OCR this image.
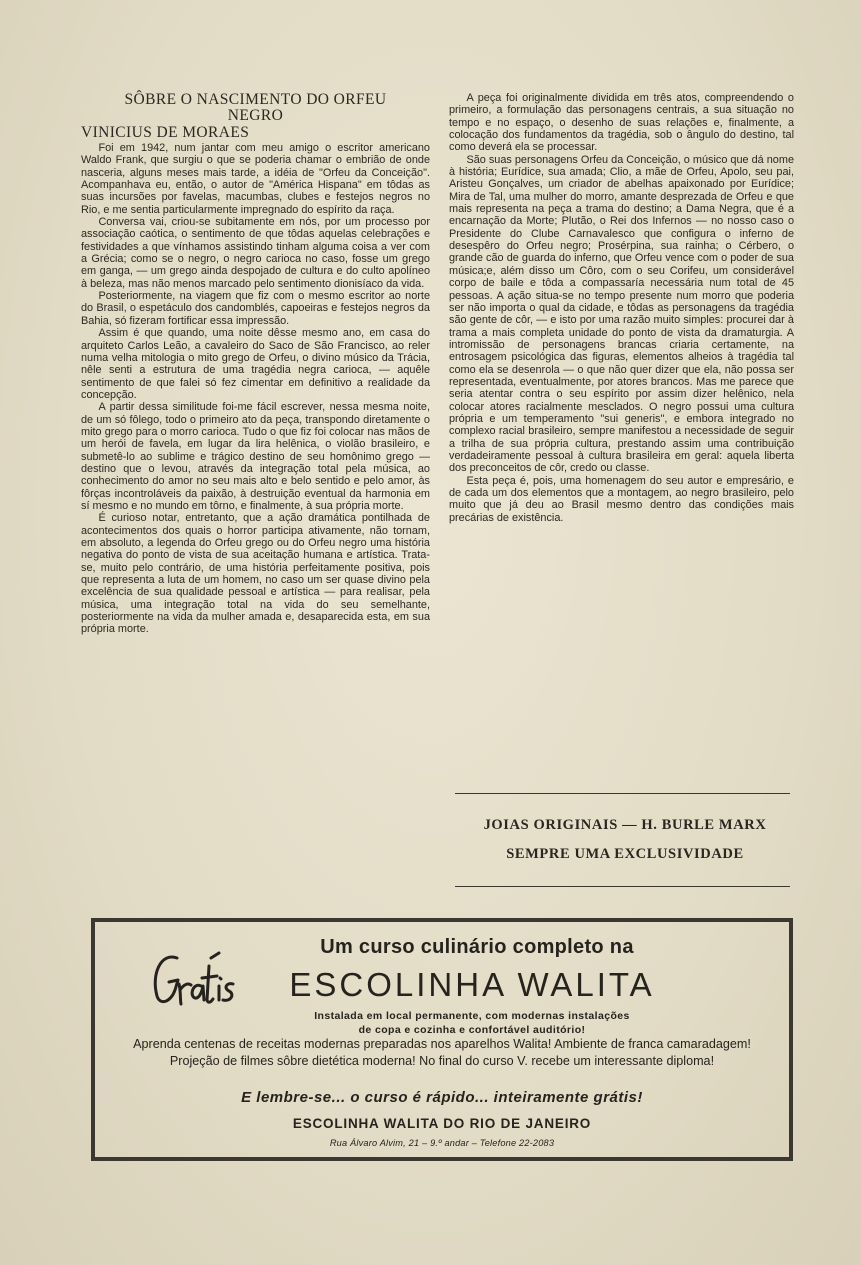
SÔBRE O NASCIMENTO DO ORFEU NEGRO
VINICIUS DE MORAES

Foi em 1942, num jantar com meu amigo o escritor americano Waldo Frank, que surgiu o que se poderia chamar o embrião de onde nasceria, alguns meses mais tarde, a idéia de "Orfeu da Conceição". Acompanhava eu, então, o autor de "América Hispana" em tôdas as suas incursões por favelas, macumbas, clubes e festejos negros no Rio, e me sentia particularmente impregnado do espírito da raça.

Conversa vai, criou-se subitamente em nós, por um processo por associação caótica, o sentimento de que tôdas aquelas celebrações e festividades a que vínhamos assistindo tinham alguma coisa a ver com a Grécia; como se o negro, o negro carioca no caso, fosse um grego em ganga, — um grego ainda despojado de cultura e do culto apolíneo à beleza, mas não menos marcado pelo sentimento dionisíaco da vida.

Posteriormente, na viagem que fiz com o mesmo escritor ao norte do Brasil, o espetáculo dos candomblés, capoeiras e festejos negros da Bahia, só fizeram fortificar essa impressão.

Assim é que quando, uma noite dêsse mesmo ano, em casa do arquiteto Carlos Leão, a cavaleiro do Saco de São Francisco, ao reler numa velha mitologia o mito grego de Orfeu, o divino músico da Trácia, nêle senti a estrutura de uma tragédia negra carioca, — aquêle sentimento de que falei só fez cimentar em definitivo a realidade da concepção.

A partir dessa similitude foi-me fácil escrever, nessa mesma noite, de um só fôlego, todo o primeiro ato da peça, transpondo diretamente o mito grego para o morro carioca. Tudo o que fiz foi colocar nas mãos de um herói de favela, em lugar da lira helênica, o violão brasileiro, e submetê-lo ao sublime e trágico destino de seu homônimo grego — destino que o levou, através da integração total pela música, ao conhecimento do amor no seu mais alto e belo sentido e pelo amor, às fôrças incontroláveis da paixão, à destruição eventual da harmonia em sí mesmo e no mundo em tôrno, e finalmente, à sua própria morte.

É curioso notar, entretanto, que a ação dramática pontilhada de acontecimentos dos quais o horror participa ativamente, não tornam, em absoluto, a legenda do Orfeu grego ou do Orfeu negro uma história negativa do ponto de vista de sua aceitação humana e artística. Trata-se, muito pelo contrário, de uma história perfeitamente positiva, pois que representa a luta de um homem, no caso um ser quase divino pela excelência de sua qualidade pessoal e artística — para realisar, pela música, uma integração total na vida do seu semelhante, posteriormente na vida da mulher amada e, desaparecida esta, em sua própria morte.

A peça foi originalmente dividida em três atos, compreendendo o primeiro, a formulação das personagens centrais, a sua situação no tempo e no espaço, o desenho de suas relações e, finalmente, a colocação dos fundamentos da tragédia, sob o ângulo do destino, tal como deverá ela se processar.

São suas personagens Orfeu da Conceição, o músico que dá nome à história; Eurídice, sua amada; Clio, a mãe de Orfeu, Apolo, seu pai, Aristeu Gonçalves, um criador de abelhas apaixonado por Eurídice; Mira de Tal, uma mulher do morro, amante desprezada de Orfeu e que mais representa na peça a trama do destino; a Dama Negra, que é a encarnação da Morte; Plutão, o Rei dos Infernos — no nosso caso o Presidente do Clube Carnavalesco que configura o inferno de desespêro do Orfeu negro; Prosérpina, sua rainha; o Cérbero, o grande cão de guarda do inferno, que Orfeu vence com o poder de sua música;e, além disso um Côro, com o seu Corifeu, um considerável corpo de baile e tôda a compassaría necessária num total de 45 pessoas. A ação situa-se no tempo presente num morro que poderia ser não importa o qual da cidade, e tôdas as personagens da tragédia são gente de côr, — e isto por uma razão muito simples: procurei dar à trama a mais completa unidade do ponto de vista da dramaturgia. A intromissão de personagens brancas criaria certamente, na entrosagem psicológica das figuras, elementos alheios à tragédia tal como ela se desenrola — o que não quer dizer que ela, não possa ser representada, eventualmente, por atores brancos. Mas me parece que seria atentar contra o seu espírito por assim dizer helênico, nela colocar atores racialmente mesclados. O negro possui uma cultura própria e um temperamento "sui generis", e embora integrado no complexo racial brasileiro, sempre manifestou a necessidade de seguir a trilha de sua própria cultura, prestando assim uma contribuição verdadeiramente pessoal à cultura brasileira em geral: aquela liberta dos preconceitos de côr, credo ou classe.

Esta peça é, pois, uma homenagem do seu autor e empresário, e de cada um dos elementos que a montagem, ao negro brasileiro, pelo muito que já deu ao Brasil mesmo dentro das condições mais precárias de existência.

JOIAS ORIGINAIS — H. BURLE MARX
SEMPRE UMA EXCLUSIVIDADE
Um curso culinário completo na
ESCOLINHA WALITA
Instalada em local permanente, com modernas instalações
de copa e cozinha e confortável auditório!
Aprenda centenas de receitas modernas preparadas nos aparelhos Walita! Ambiente de franca camaradagem! Projeção de filmes sôbre dietética moderna! No final do curso V. recebe um interessante diploma!
E lembre-se... o curso é rápido... inteiramente grátis!
ESCOLINHA WALITA DO RIO DE JANEIRO
Rua Álvaro Alvim, 21 – 9.º andar – Telefone 22-2083
